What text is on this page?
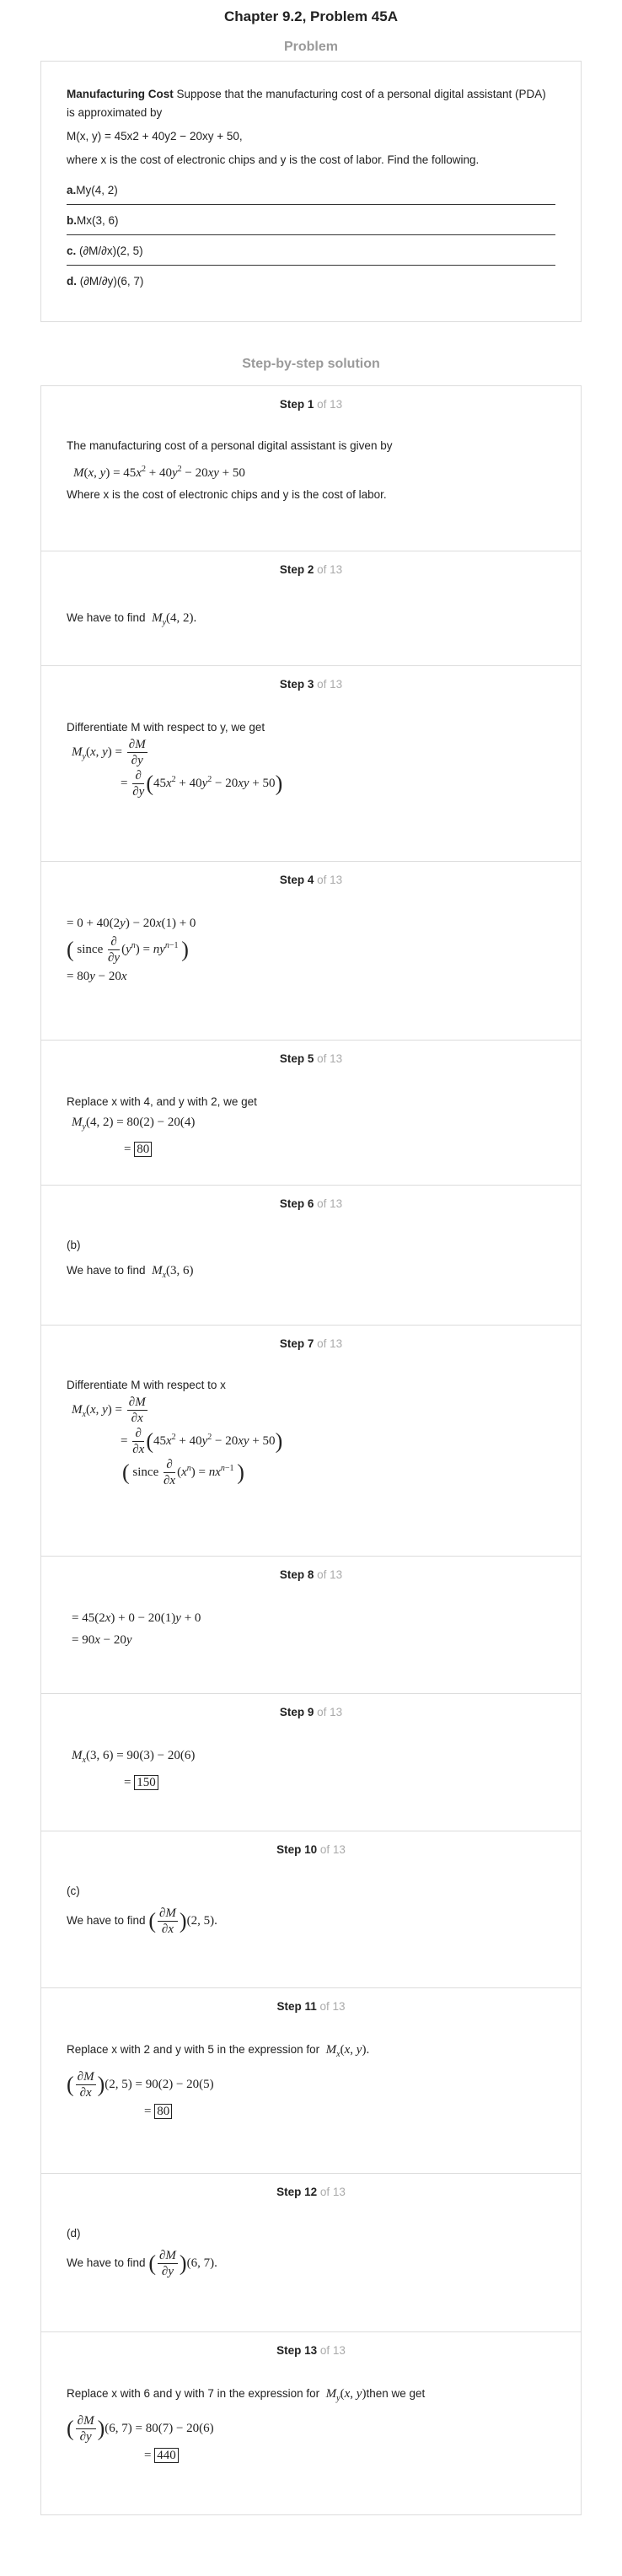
Chapter 9.2, Problem 45A
Problem

Manufacturing Cost Suppose that the manufacturing cost of a personal digital assistant (PDA) is approximated by

M(x, y) = 45x2 + 40y2 − 20xy + 50,

where x is the cost of electronic chips and y is the cost of labor. Find the following.

a.My(4, 2)
b.Mx(3, 6)
c. (∂M/∂x)(2, 5)
d. (∂M/∂y)(6, 7)
Step-by-step solution
Step 1 of 13
The manufacturing cost of a personal digital assistant is given by
M(x, $y) = 45x^2 + 40y^2 - 20xy + 50$
Where x is the cost of electronic chips and y is the cost of labor.
Step 2 of 13
We have to find $M_y(4$, 2).
Step 3 of 13
Differentiate M with respect to y, we get
$M_y(x$, $y) = \frac{\partial M}{\partial y}$
= $\frac{\partial}{\partial y} (45x^2 + 40y^2 - 20xy + 50)$
Step 4 of 13
= 0 + 40(2y) − 20x(1) + 0
( since $\frac{\partial}{\partial y} (y^n) = ny^{n-1}$ )
= 80y − 20x
Step 5 of 13
Replace x with 4, and y with 2, we get
$M_y(4$, 2) = 80(2) − 20(4)
= 80
Step 6 of 13
(b)
We have to find $M_x(3$, 6)
Step 7 of 13
Differentiate M with respect to x
$M_x(x$, $y) = \frac{\partial M}{\partial x}$
= $\frac{\partial}{\partial x} (45x^2 + 40y^2 - 20xy + 50)$
( since $\frac{\partial}{\partial x} (x^n) = nx^{n-1}$ )
Step 8 of 13
= 45(2x) + 0 − 20(1)y + 0
= 90x − 20y
Step 9 of 13
$M_x(3$, 6) = 90(3) − 20(6)
= 150
Step 10 of 13
(c)
We have to find ( $\frac{\partial M}{\partial x} )(2$, 5).
Step 11 of 13
Replace x with 2 and y with 5 in the expression for $M_x(x$, y).
( $\frac{\partial M}{\partial x} )(2$, 5) = 90(2) − 20(5)
= 80
Step 12 of 13
(d)
We have to find ( $\frac{\partial M}{\partial y} )(6$, 7).
Step 13 of 13
Replace x with 6 and y with 7 in the expression for $M_y(x$, y)then we get
( $\frac{\partial M}{\partial y} )(6$, 7) = 80(7) − 20(6)
= 440
